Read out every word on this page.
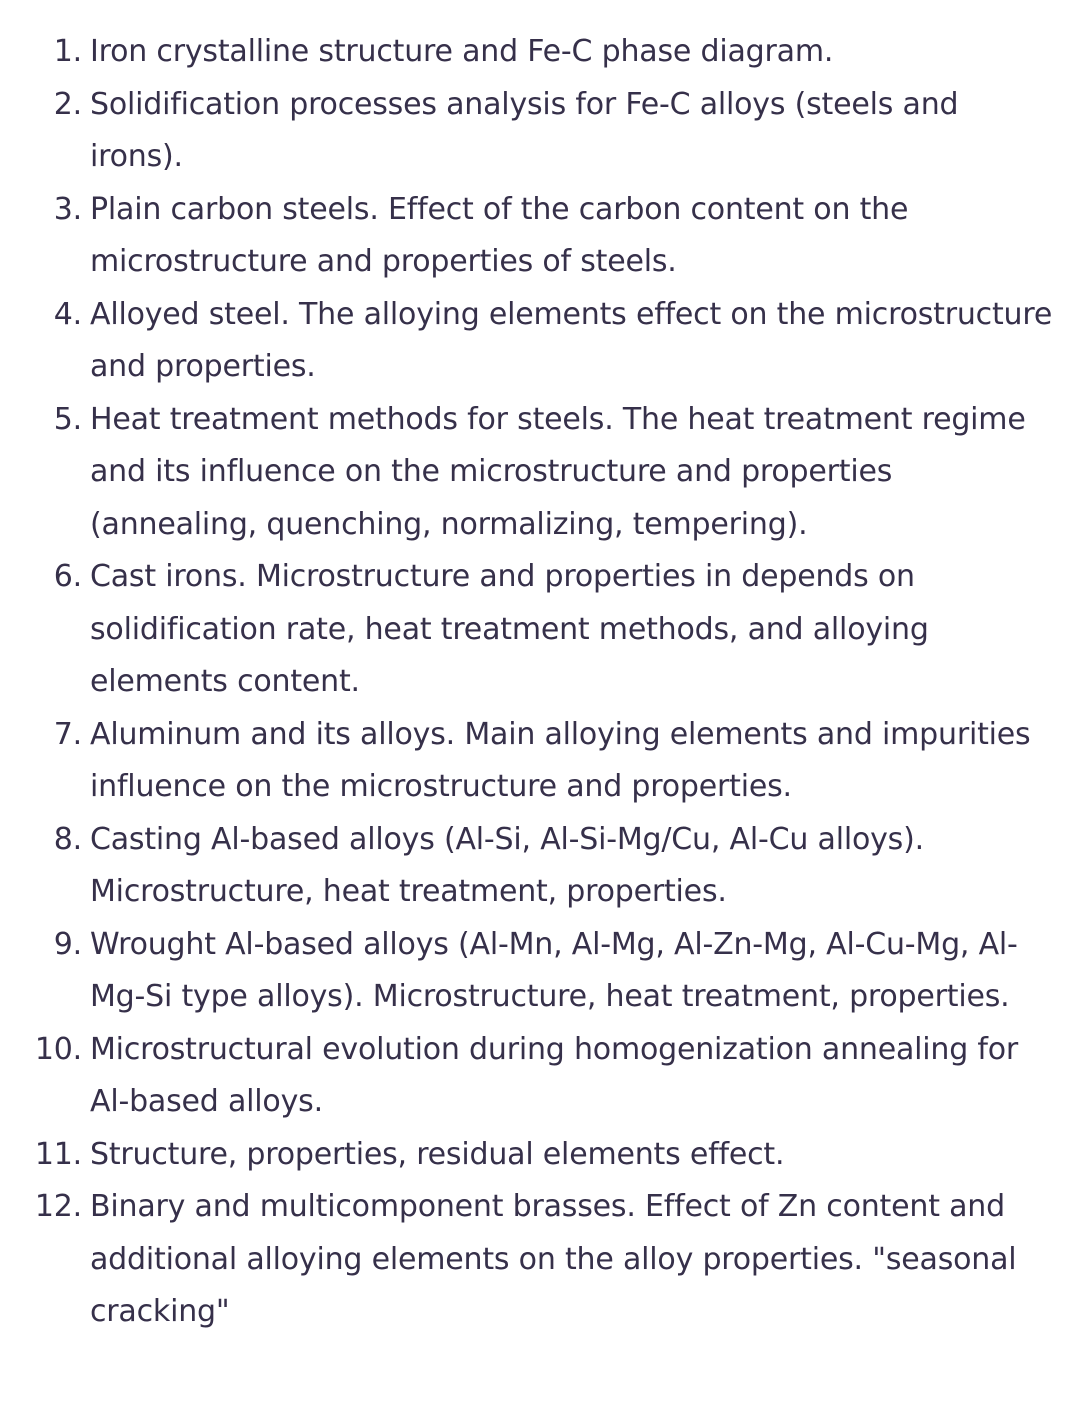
1. Iron crystalline structure and Fe-C phase diagram.
2. Solidification processes analysis for Fe-C alloys (steels and irons).
3. Plain carbon steels. Effect of the carbon content on the microstructure and properties of steels.
4. Alloyed steel. The alloying elements effect on the microstructure and properties.
5. Heat treatment methods for steels. The heat treatment regime and its influence on the microstructure and properties (annealing, quenching, normalizing, tempering).
6. Cast irons. Microstructure and properties in depends on solidification rate, heat treatment methods, and alloying elements content.
7. Aluminum and its alloys. Main alloying elements and impurities influence on the microstructure and properties.
8. Casting Al-based alloys (Al-Si, Al-Si-Mg/Cu, Al-Cu alloys). Microstructure, heat treatment, properties.
9. Wrought Al-based alloys (Al-Mn, Al-Mg, Al-Zn-Mg, Al-Cu-Mg, Al-Mg-Si type alloys). Microstructure, heat treatment, properties.
10. Microstructural evolution during homogenization annealing for Al-based alloys.
11. Structure, properties, residual elements effect.
12. Binary and multicomponent brasses. Effect of Zn content and additional alloying elements on the alloy properties. "seasonal cracking"
